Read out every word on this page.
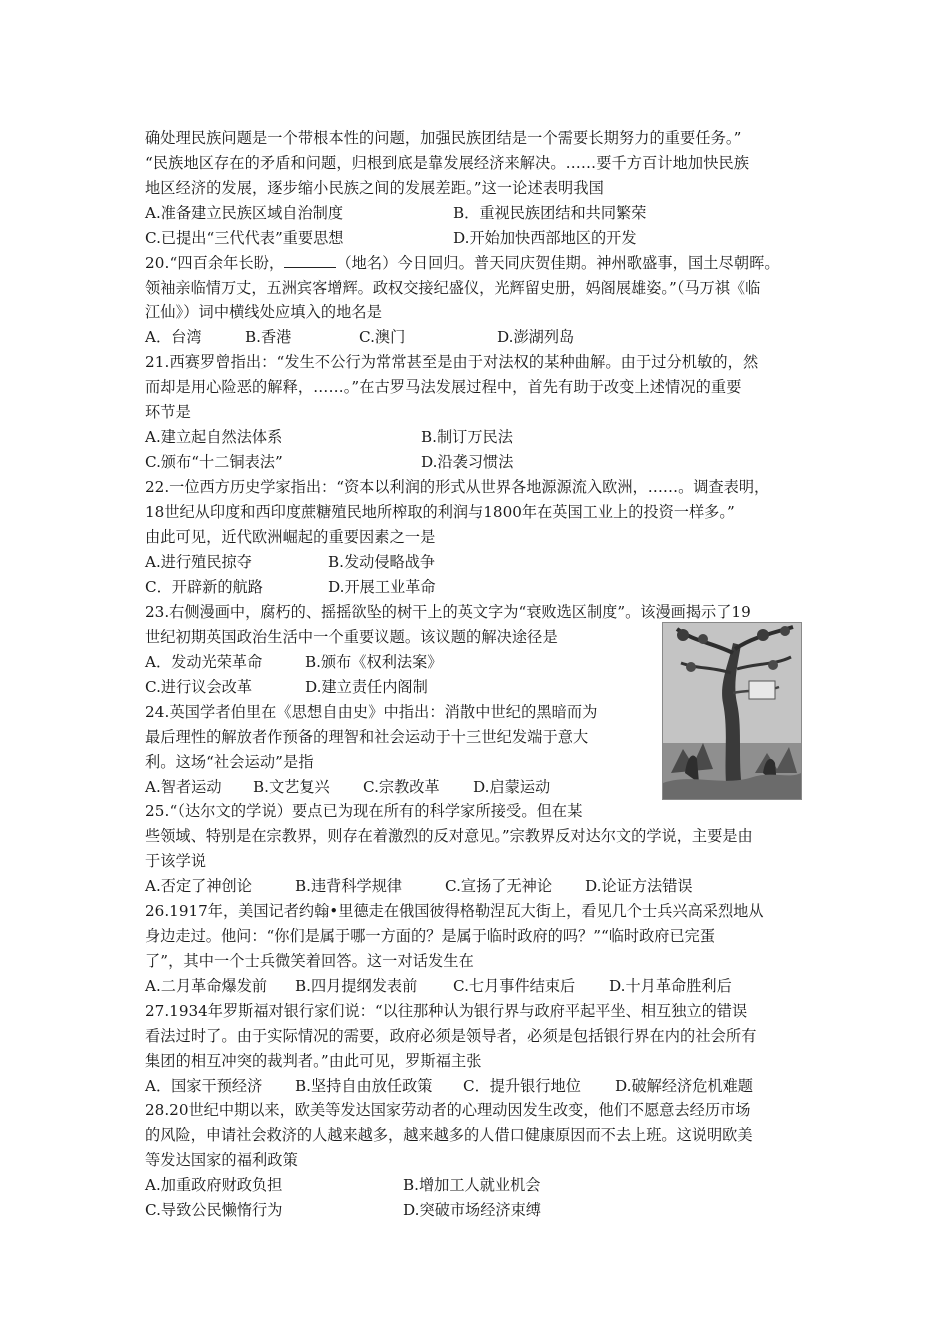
确处理民族问题是一个带根本性的问题，加强民族团结是一个需要长期努力的重要任务。”
“民族地区存在的矛盾和问题，归根到底是靠发展经济来解决。……要千方百计地加快民族
地区经济的发展，逐步缩小民族之间的发展差距。”这一论述表明我国
A.准备建立民族区域自治制度	B．重视民族团结和共同繁荣
C.已提出“三代代表”重要思想	D.开始加快西部地区的开发
20.“四百余年长盼，	（地名）今日回归。普天同庆贺佳期。神州歌盛事，国土尽朝晖。
领袖亲临情万丈，五洲宾客增辉。政权交接纪盛仪，光辉留史册，妈阁展雄姿。”（马万祺《临
江仙》）词中横线处应填入的地名是
A．台湾	B.香港	C.澳门	D.澎湖列岛
21.西赛罗曾指出：“发生不公行为常常甚至是由于对法权的某种曲解。由于过分机敏的，然
而却是用心险恶的解释，……。”在古罗马法发展过程中，首先有助于改变上述情况的重要
环节是
A.建立起自然法体系	B.制订万民法
C.颁布“十二铜表法”	D.沿袭习惯法
22.一位西方历史学家指出：“资本以利润的形式从世界各地源源流入欧洲，……。调查表明，
18世纪从印度和西印度蔗糖殖民地所榨取的利润与1800年在英国工业上的投资一样多。”
由此可见，近代欧洲崛起的重要因素之一是
A.进行殖民掠夺	B.发动侵略战争
C．开辟新的航路	D.开展工业革命
23.右侧漫画中，腐朽的、摇摇欲坠的树干上的英文字为“衰败选区制度”。该漫画揭示了19
世纪初期英国政治生活中一个重要议题。该议题的解决途径是
A．发动光荣革命	B.颁布《权利法案》
C.进行议会改革	D.建立责任内阁制
24.英国学者伯里在《思想自由史》中指出：消散中世纪的黑暗而为
最后理性的解放者作预备的理智和社会运动于十三世纪发端于意大
利。这场“社会运动”是指
A.智者运动 B.文艺复兴 C.宗教改革 D.启蒙运动
25.“（达尔文的学说）要点已为现在所有的科学家所接受。但在某
些领域、特别是在宗教界，则存在着激烈的反对意见。”宗教界反对达尔文的学说，主要是由
于该学说
A.否定了神创论	B.违背科学规律	C.宣扬了无神论 D.论证方法错误
26.1917年，美国记者约翰•里德走在俄国彼得格勒涅瓦大街上，看见几个士兵兴高采烈地从
身边走过。他问：“你们是属于哪一方面的？是属于临时政府的吗？”“临时政府已完蛋
了”，其中一个士兵微笑着回答。这一对话发生在
A.二月革命爆发前 B.四月提纲发表前 C.七月事件结束后 D.十月革命胜利后
27.1934年罗斯福对银行家们说：“以往那种认为银行界与政府平起平坐、相互独立的错误
看法过时了。由于实际情况的需要，政府必须是领导者，必须是包括银行界在内的社会所有
集团的相互冲突的裁判者。”由此可见，罗斯福主张
A．国家干预经济 B.坚持自由放任政策 C．提升银行地位 D.破解经济危机难题
28.20世纪中期以来，欧美等发达国家劳动者的心理动因发生改变，他们不愿意去经历市场
的风险，申请社会救济的人越来越多，越来越多的人借口健康原因而不去上班。这说明欧美
等发达国家的福利政策
A.加重政府财政负担	B.增加工人就业机会
C.导致公民懒惰行为	D.突破市场经济束缚
